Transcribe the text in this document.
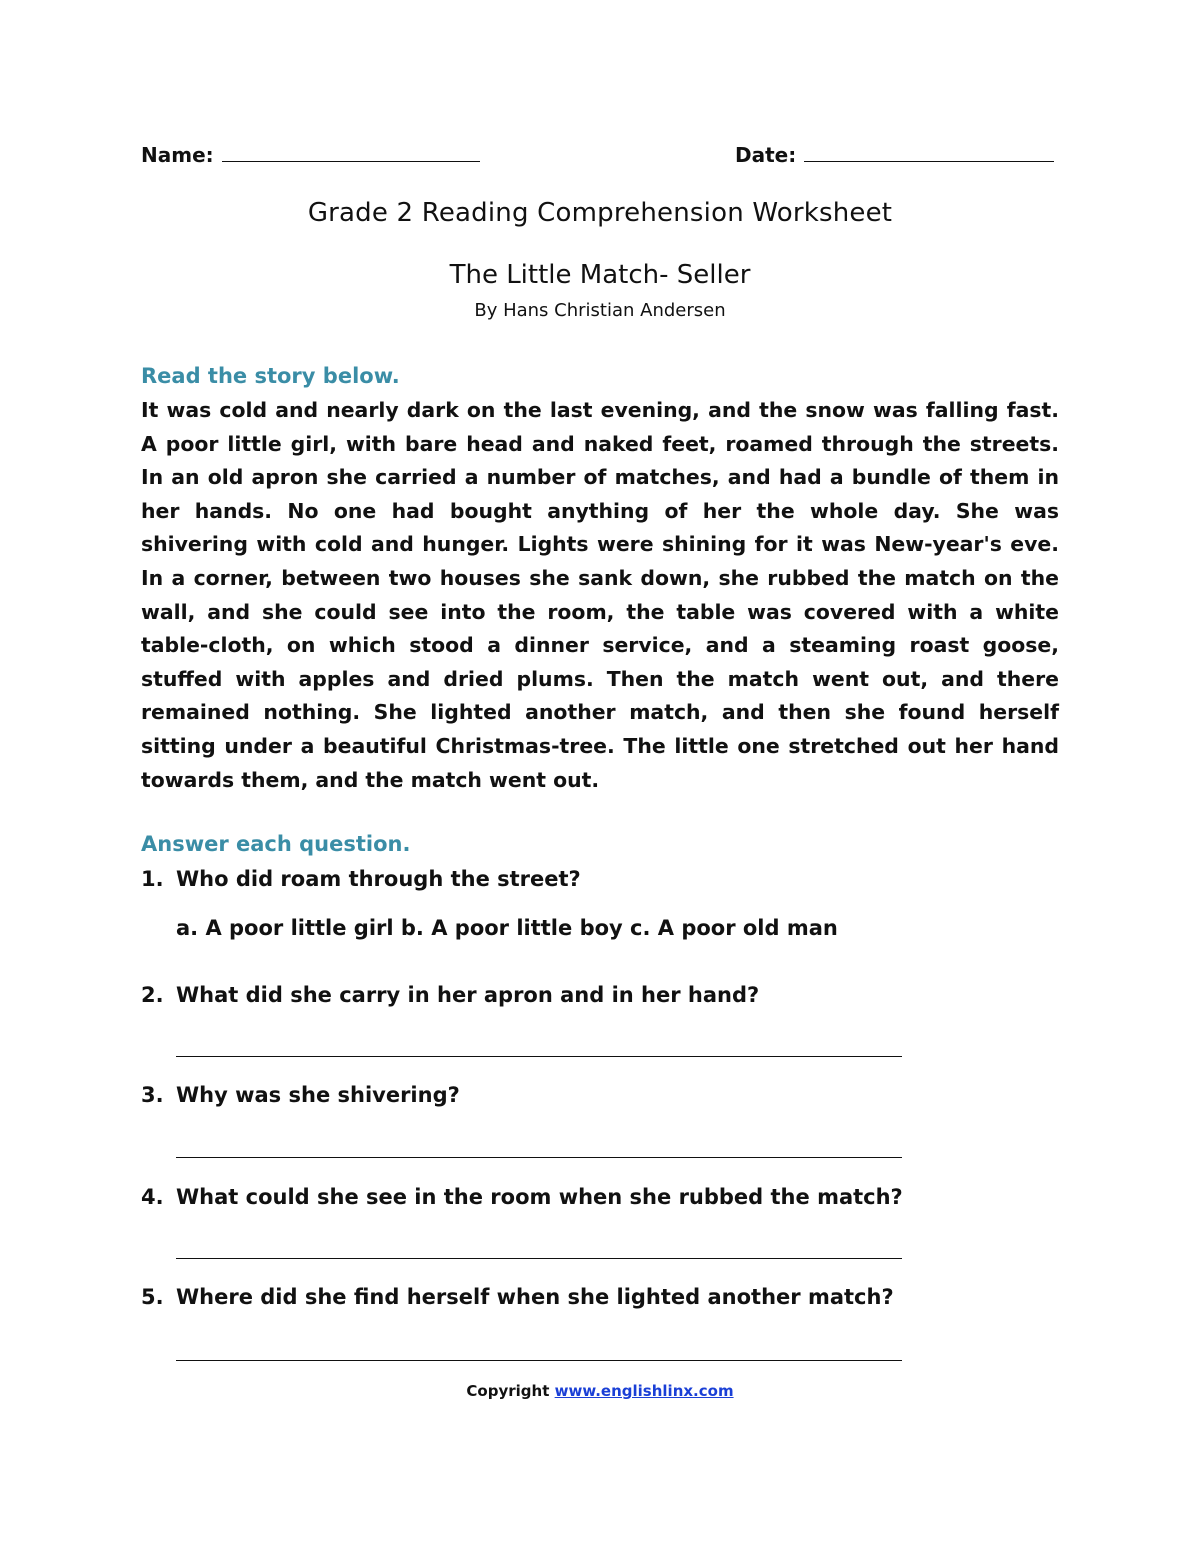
Name:	Date:
Grade 2 Reading Comprehension Worksheet
The Little Match- Seller
By Hans Christian Andersen
Read the story below.

It was cold and nearly dark on the last evening, and the snow was falling fast. A poor little girl, with bare head and naked feet, roamed through the streets. In an old apron she carried a number of matches, and had a bundle of them in her hands. No one had bought anything of her the whole day. She was shivering with cold and hunger. Lights were shining for it was New-year's eve. In a corner, between two houses she sank down, she rubbed the match on the wall, and she could see into the room, the table was covered with a white table-cloth, on which stood a dinner service, and a steaming roast goose, stuffed with apples and dried plums. Then the match went out, and there remained nothing. She lighted another match, and then she found herself sitting under a beautiful Christmas-tree. The little one stretched out her hand towards them, and the match went out.

Answer each question.
1. Who did roam through the street?
a. A poor little girl b. A poor little boy c. A poor old man
2. What did she carry in her apron and in her hand?
3. Why was she shivering?
4. What could she see in the room when she rubbed the match?
5. Where did she find herself when she lighted another match?
Copyright www.englishlinx.com
